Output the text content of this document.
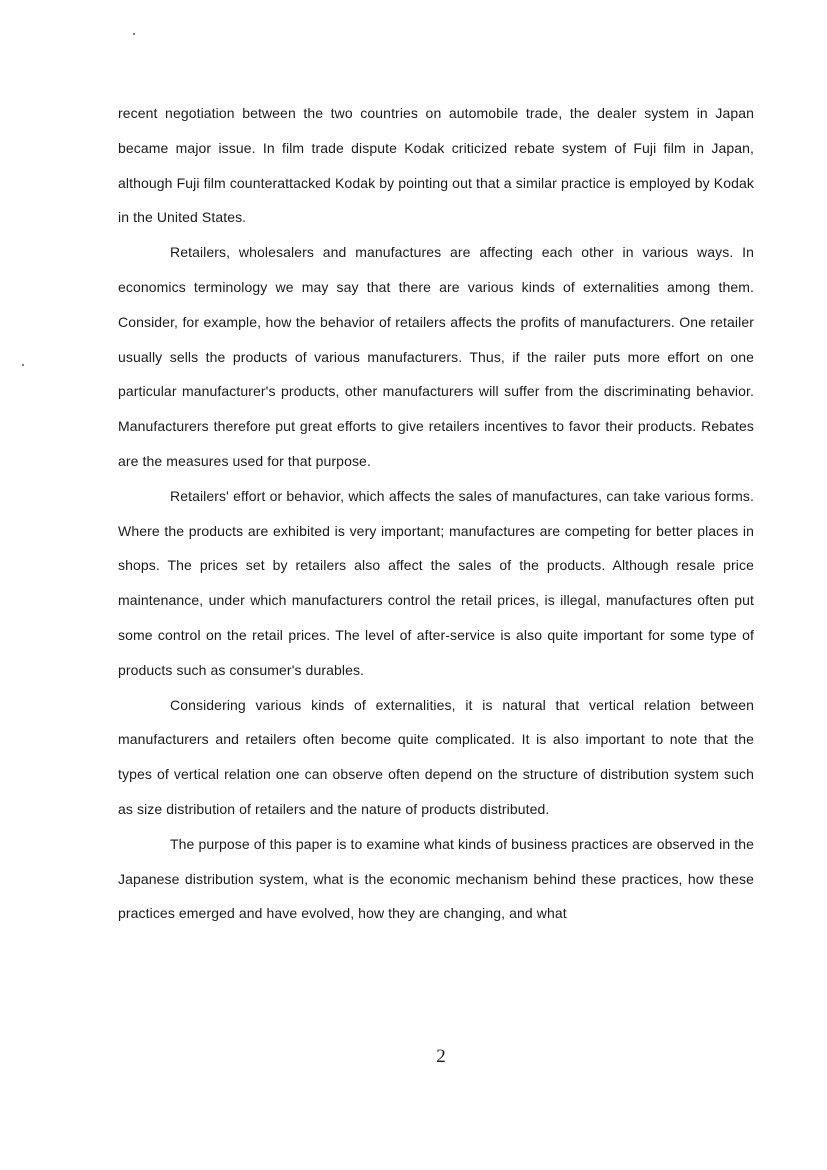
recent negotiation between the two countries on automobile trade, the dealer system in Japan became major issue. In film trade dispute Kodak criticized rebate system of Fuji film in Japan, although Fuji film counterattacked Kodak by pointing out that a similar practice is employed by Kodak in the United States.

Retailers, wholesalers and manufactures are affecting each other in various ways. In economics terminology we may say that there are various kinds of externalities among them. Consider, for example, how the behavior of retailers affects the profits of manufacturers. One retailer usually sells the products of various manufacturers. Thus, if the railer puts more effort on one particular manufacturer's products, other manufacturers will suffer from the discriminating behavior. Manufacturers therefore put great efforts to give retailers incentives to favor their products. Rebates are the measures used for that purpose.

Retailers' effort or behavior, which affects the sales of manufactures, can take various forms. Where the products are exhibited is very important; manufactures are competing for better places in shops. The prices set by retailers also affect the sales of the products. Although resale price maintenance, under which manufacturers control the retail prices, is illegal, manufactures often put some control on the retail prices. The level of after-service is also quite important for some type of products such as consumer's durables.

Considering various kinds of externalities, it is natural that vertical relation between manufacturers and retailers often become quite complicated. It is also important to note that the types of vertical relation one can observe often depend on the structure of distribution system such as size distribution of retailers and the nature of products distributed.

The purpose of this paper is to examine what kinds of business practices are observed in the Japanese distribution system, what is the economic mechanism behind these practices, how these practices emerged and have evolved, how they are changing, and what

2
